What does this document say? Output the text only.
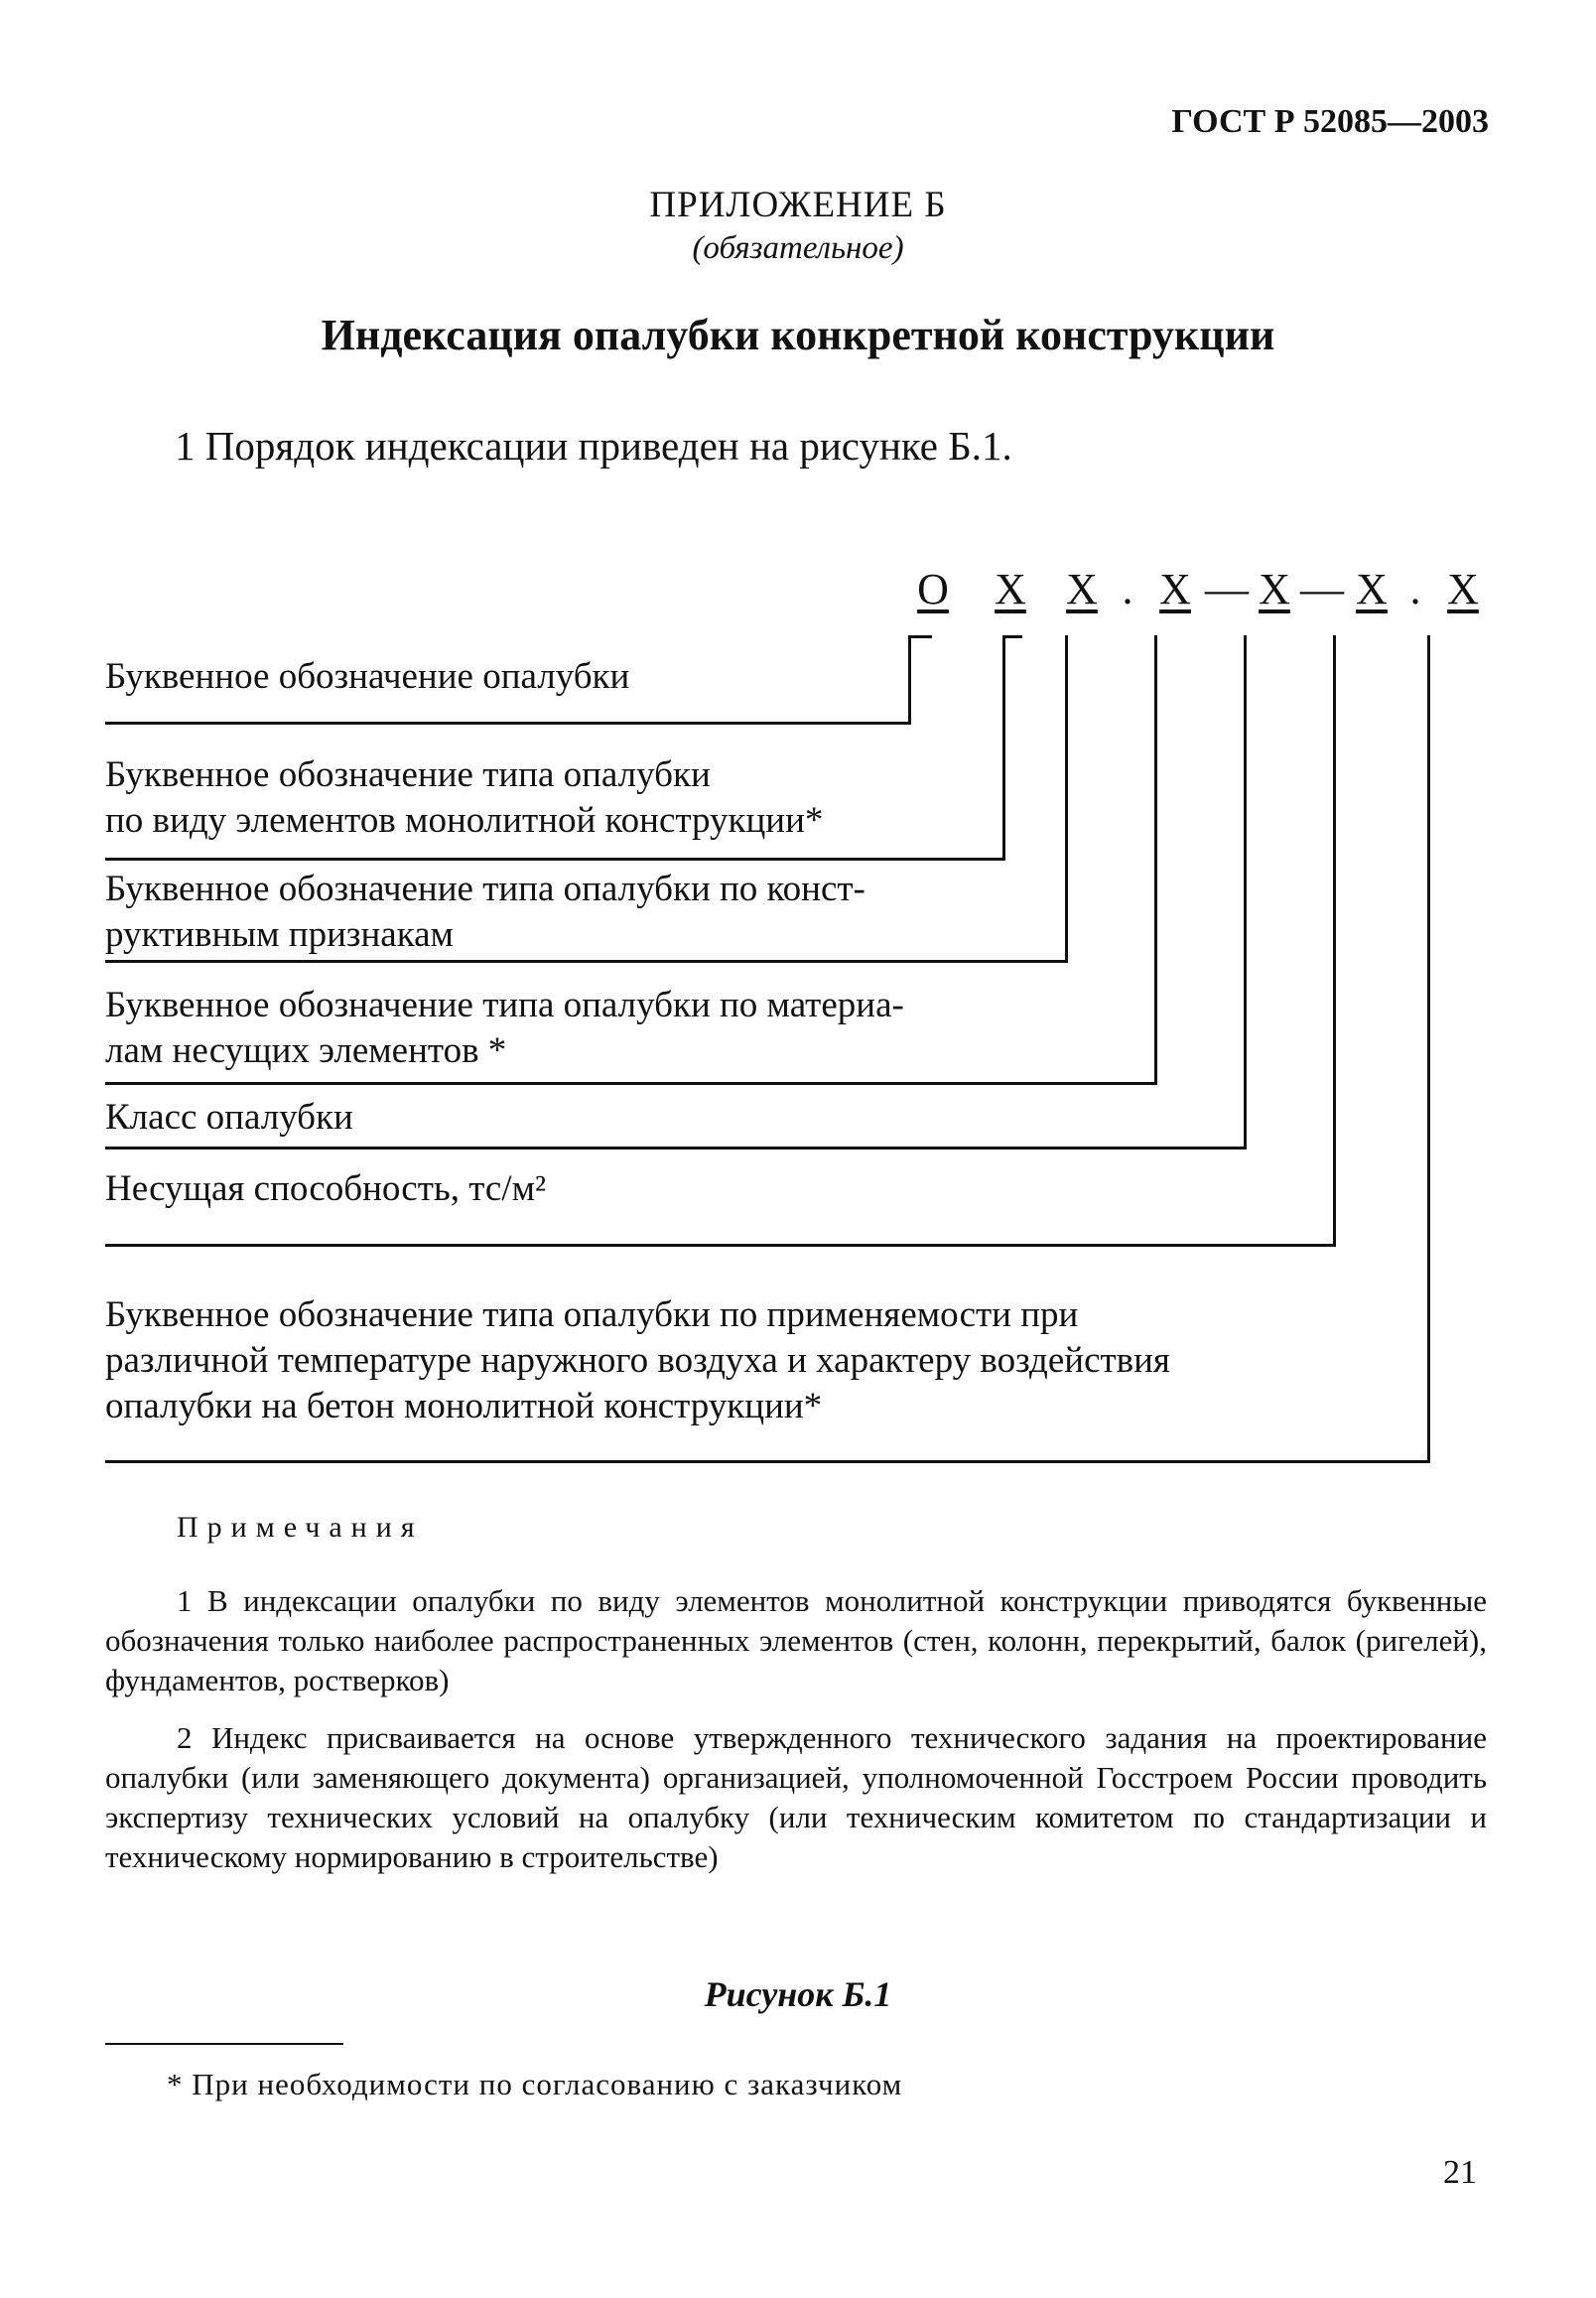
ГОСТ Р 52085—2003
ПРИЛОЖЕНИЕ Б
(обязательное)
Индексация опалубки конкретной конструкции
1 Порядок индексации приведен на рисунке Б.1.
О Х Х . Х — Х — Х . Х
Буквенное обозначение опалубки
Буквенное обозначение типа опалубки
по виду элементов монолитной конструкции*
Буквенное обозначение типа опалубки по конст-
руктивным признакам
Буквенное обозначение типа опалубки по материа-
лам несущих элементов *
Класс опалубки
Несущая способность, тс/м²
Буквенное обозначение типа опалубки по применяемости при
различной температуре наружного воздуха и характеру воздействия
опалубки на бетон монолитной конструкции*
Примечания

1 В индексации опалубки по виду элементов монолитной конструкции приводятся буквенные обозначения только наиболее распространенных элементов (стен, колонн, перекрытий, балок (ригелей), фундаментов, ростверков)

2 Индекс присваивается на основе утвержденного технического задания на проектирование опалубки (или заменяющего документа) организацией, уполномоченной Госстроем России проводить экспертизу технических условий на опалубку (или техническим комитетом по стандартизации и техническому нормированию в строительстве)

Рисунок Б.1
* При необходимости по согласованию с заказчиком
21
